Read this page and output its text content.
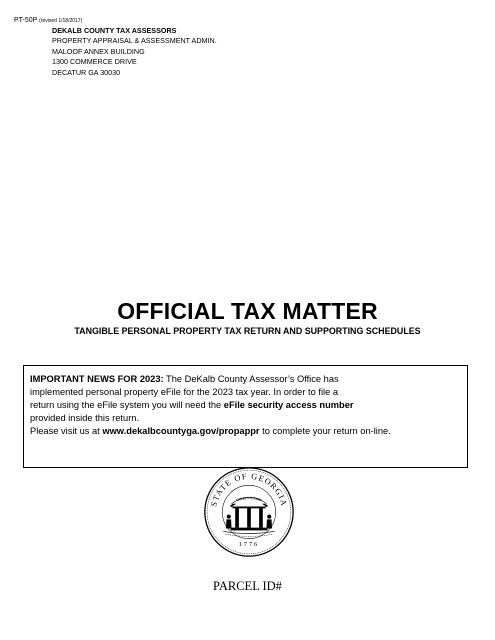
PT-50P (revised 1/18/2017)
DEKALB COUNTY TAX ASSESSORS
PROPERTY APPRAISAL & ASSESSMENT ADMIN.
MALOOF ANNEX BUILDING
1300 COMMERCE DRIVE
DECATUR GA 30030
OFFICIAL TAX MATTER
TANGIBLE PERSONAL PROPERTY TAX RETURN AND SUPPORTING SCHEDULES
IMPORTANT NEWS FOR 2023: The DeKalb County Assessor’s Office has
implemented personal property eFile for the 2023 tax year. In order to file a
return using the eFile system you will need the eFile security access number
provided inside this return.
Please visit us at www.dekalbcountyga.gov/propappr to complete your return on-line.
STATE OF GEORGIA
CONSTITUTION
1776
PARCEL ID#
